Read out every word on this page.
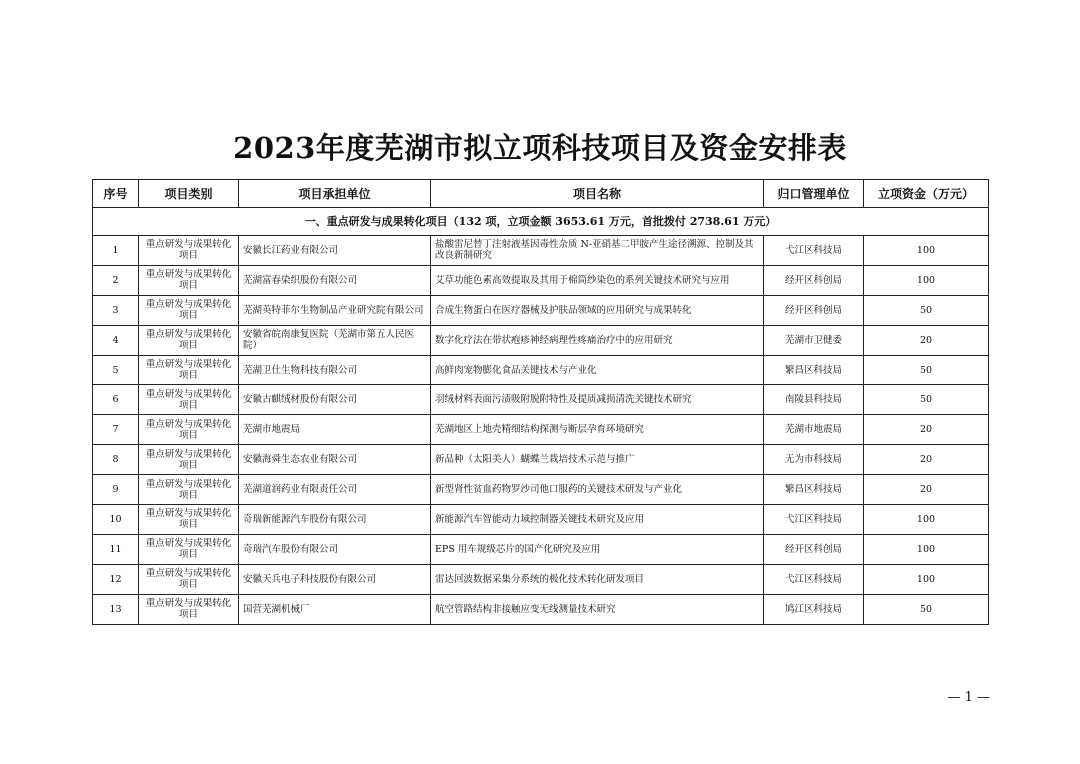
2023年度芜湖市拟立项科技项目及资金安排表
序号	项目类别	项目承担单位	项目名称	归口管理单位	立项资金（万元）
一、重点研发与成果转化项目（132 项，立项金额 3653.61 万元，首批拨付 2738.61 万元）					
1	重点研发与成果转化项目	安徽长江药业有限公司	盐酸雷尼替丁注射液基因毒性杂质 N-亚硝基二甲胺产生途径溯源、控制及其改良新制研究	弋江区科技局	100
2	重点研发与成果转化项目	芜湖富春染织股份有限公司	艾草功能色素高效提取及其用于棉筒纱染色的系列关键技术研究与应用	经开区科创局	100
3	重点研发与成果转化项目	芜湖英特菲尔生物制品产业研究院有限公司	合成生物蛋白在医疗器械及护肤品领域的应用研究与成果转化	经开区科创局	50
4	重点研发与成果转化项目	安徽省皖南康复医院（芜湖市第五人民医院）	数字化疗法在带状疱疹神经病理性疼痛治疗中的应用研究	芜湖市卫健委	20
5	重点研发与成果转化项目	芜湖卫仕生物科技有限公司	高鲜肉宠物膨化食品关键技术与产业化	繁昌区科技局	50
6	重点研发与成果转化项目	安徽古麒绒材股份有限公司	羽绒材料表面污渍吸附脱附特性及提质减损清洗关键技术研究	南陵县科技局	50
7	重点研发与成果转化项目	芜湖市地震局	芜湖地区上地壳精细结构探测与断层孕育环境研究	芜湖市地震局	20
8	重点研发与成果转化项目	安徽海舜生态农业有限公司	新品种（太阳美人）蝴蝶兰栽培技术示范与推广	无为市科技局	20
9	重点研发与成果转化项目	芜湖道润药业有限责任公司	新型肾性贫血药物罗沙司他口服药的关键技术研发与产业化	繁昌区科技局	20
10	重点研发与成果转化项目	奇瑞新能源汽车股份有限公司	新能源汽车智能动力域控制器关键技术研究及应用	弋江区科技局	100
11	重点研发与成果转化项目	奇瑞汽车股份有限公司	EPS 用车规级芯片的国产化研究及应用	经开区科创局	100
12	重点研发与成果转化项目	安徽天兵电子科技股份有限公司	雷达回波数据采集分系统的极化技术转化研发项目	弋江区科技局	100
13	重点研发与成果转化项目	国营芜湖机械厂	航空管路结构非接触应变无线测量技术研究	鸠江区科技局	50
— 1 —
